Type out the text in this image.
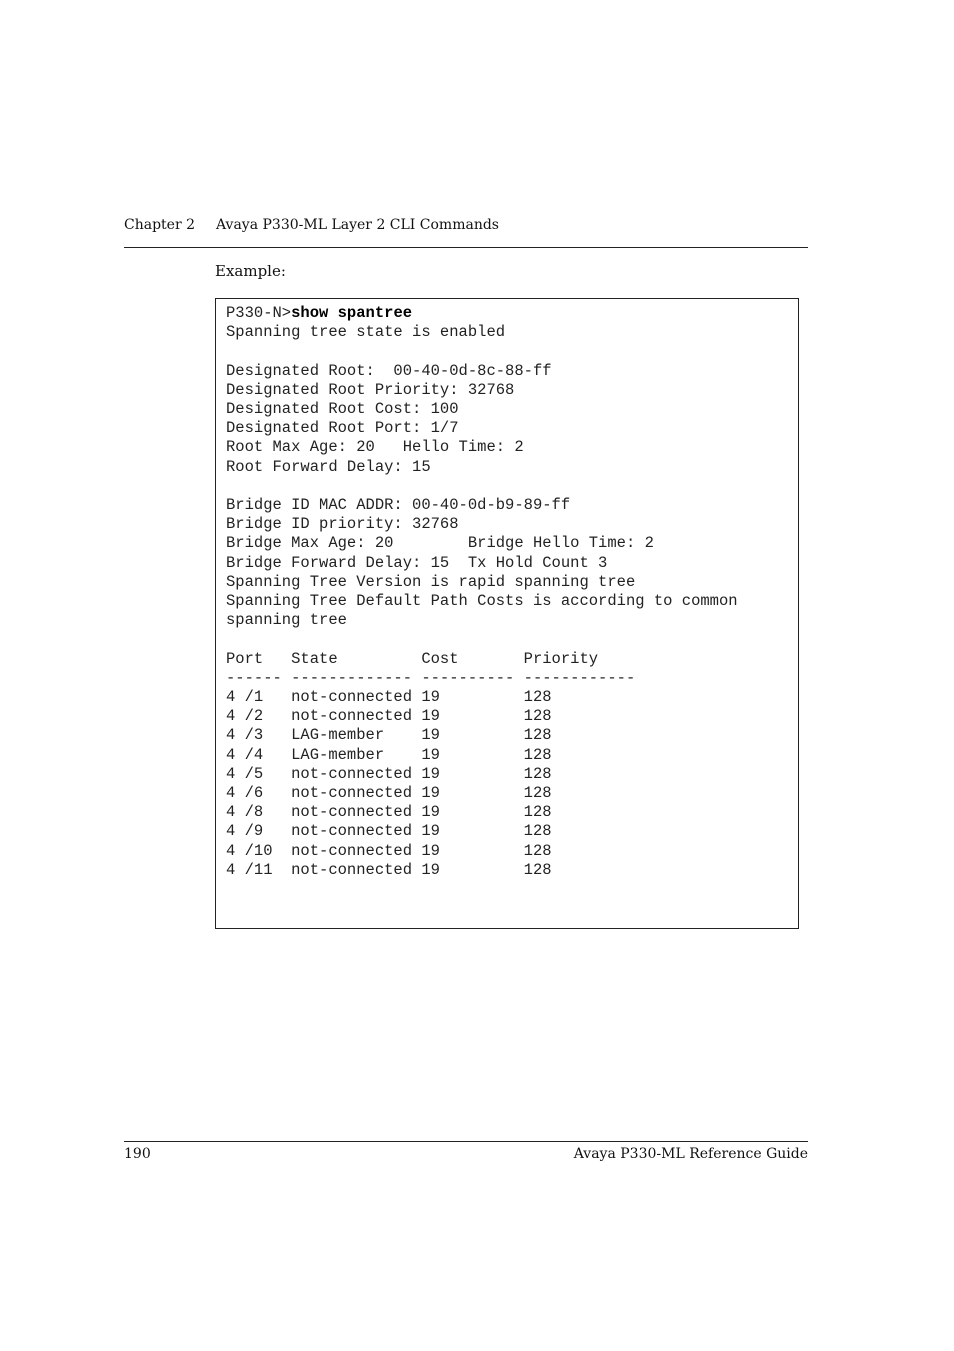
Chapter 2 Avaya P330-ML Layer 2 CLI Commands
Example:
P330-N>show spantree
Spanning tree state is enabled

Designated Root:  00-40-0d-8c-88-ff
Designated Root Priority: 32768
Designated Root Cost: 100
Designated Root Port: 1/7
Root Max Age: 20   Hello Time: 2
Root Forward Delay: 15

Bridge ID MAC ADDR: 00-40-0d-b9-89-ff
Bridge ID priority: 32768
Bridge Max Age: 20        Bridge Hello Time: 2
Bridge Forward Delay: 15  Tx Hold Count 3
Spanning Tree Version is rapid spanning tree
Spanning Tree Default Path Costs is according to common
spanning tree

Port   State         Cost       Priority
------ ------------- ---------- ------------
4 /1   not-connected 19         128
4 /2   not-connected 19         128
4 /3   LAG-member    19         128
4 /4   LAG-member    19         128
4 /5   not-connected 19         128
4 /6   not-connected 19         128
4 /8   not-connected 19         128
4 /9   not-connected 19         128
4 /10  not-connected 19         128
4 /11  not-connected 19         128
190	Avaya P330-ML Reference Guide
